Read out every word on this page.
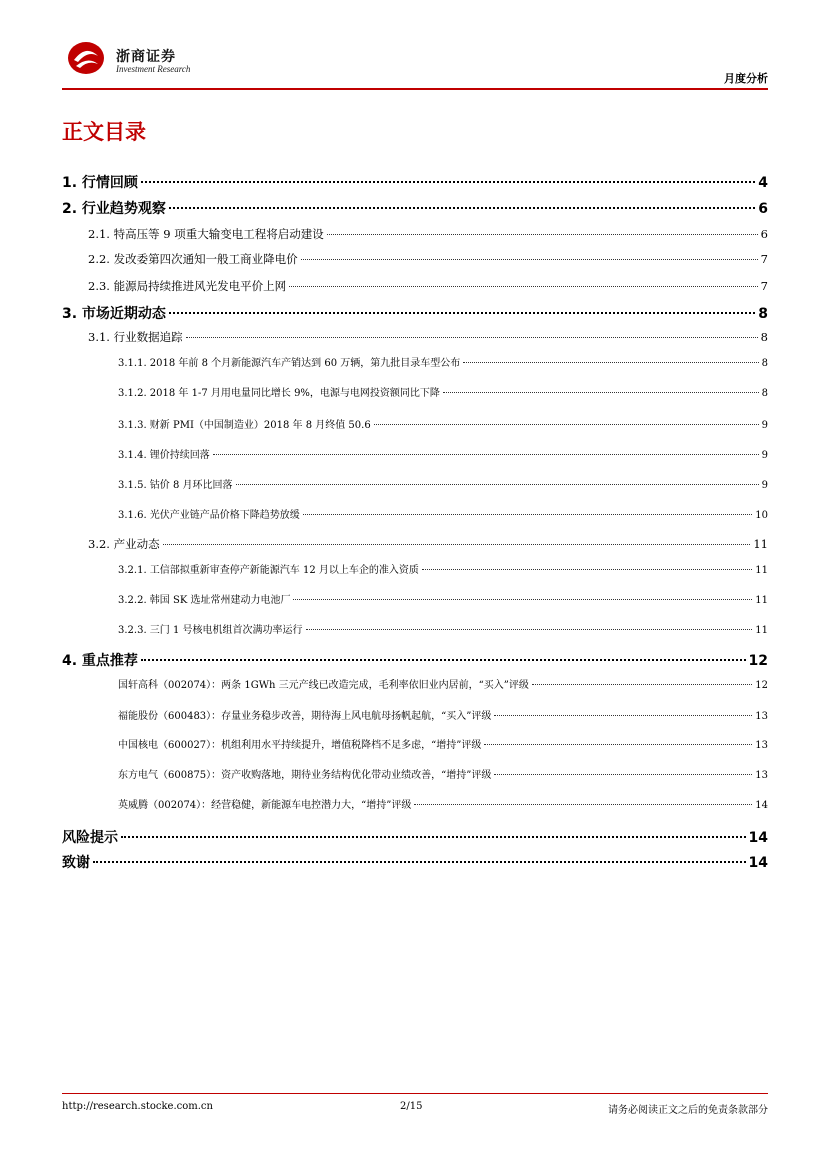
浙商证券
Investment Research
月度分析
正文目录
1. 行情回顾	4
2. 行业趋势观察	6
2.1. 特高压等 9 项重大输变电工程将启动建设	6
2.2. 发改委第四次通知一般工商业降电价	7
2.3. 能源局持续推进风光发电平价上网	7
3. 市场近期动态	8
3.1. 行业数据追踪	8
3.1.1. 2018 年前 8 个月新能源汽车产销达到 60 万辆，第九批目录车型公布	8
3.1.2. 2018 年 1-7 月用电量同比增长 9%，电源与电网投资额同比下降	8
3.1.3. 财新 PMI（中国制造业）2018 年 8 月终值 50.6	9
3.1.4. 锂价持续回落	9
3.1.5. 钴价 8 月环比回落	9
3.1.6. 光伏产业链产品价格下降趋势放缓	10
3.2. 产业动态	11
3.2.1. 工信部拟重新审查停产新能源汽车 12 月以上车企的准入资质	11
3.2.2. 韩国 SK 选址常州建动力电池厂	11
3.2.3. 三门 1 号核电机组首次满功率运行	11
4. 重点推荐	12
国轩高科（002074）：两条 1GWh 三元产线已改造完成，毛利率依旧业内居前，“买入”评级	12
福能股份（600483）：存量业务稳步改善，期待海上风电航母扬帆起航，“买入”评级	13
中国核电（600027）：机组利用水平持续提升，增值税降档不足多虑，“增持”评级	13
东方电气（600875）：资产收购落地，期待业务结构优化带动业绩改善，“增持”评级	13
英威腾（002074）：经营稳健，新能源车电控潜力大，“增持”评级	14
风险提示	14
致谢	14
http://research.stocke.com.cn	2/15	请务必阅读正文之后的免责条款部分
